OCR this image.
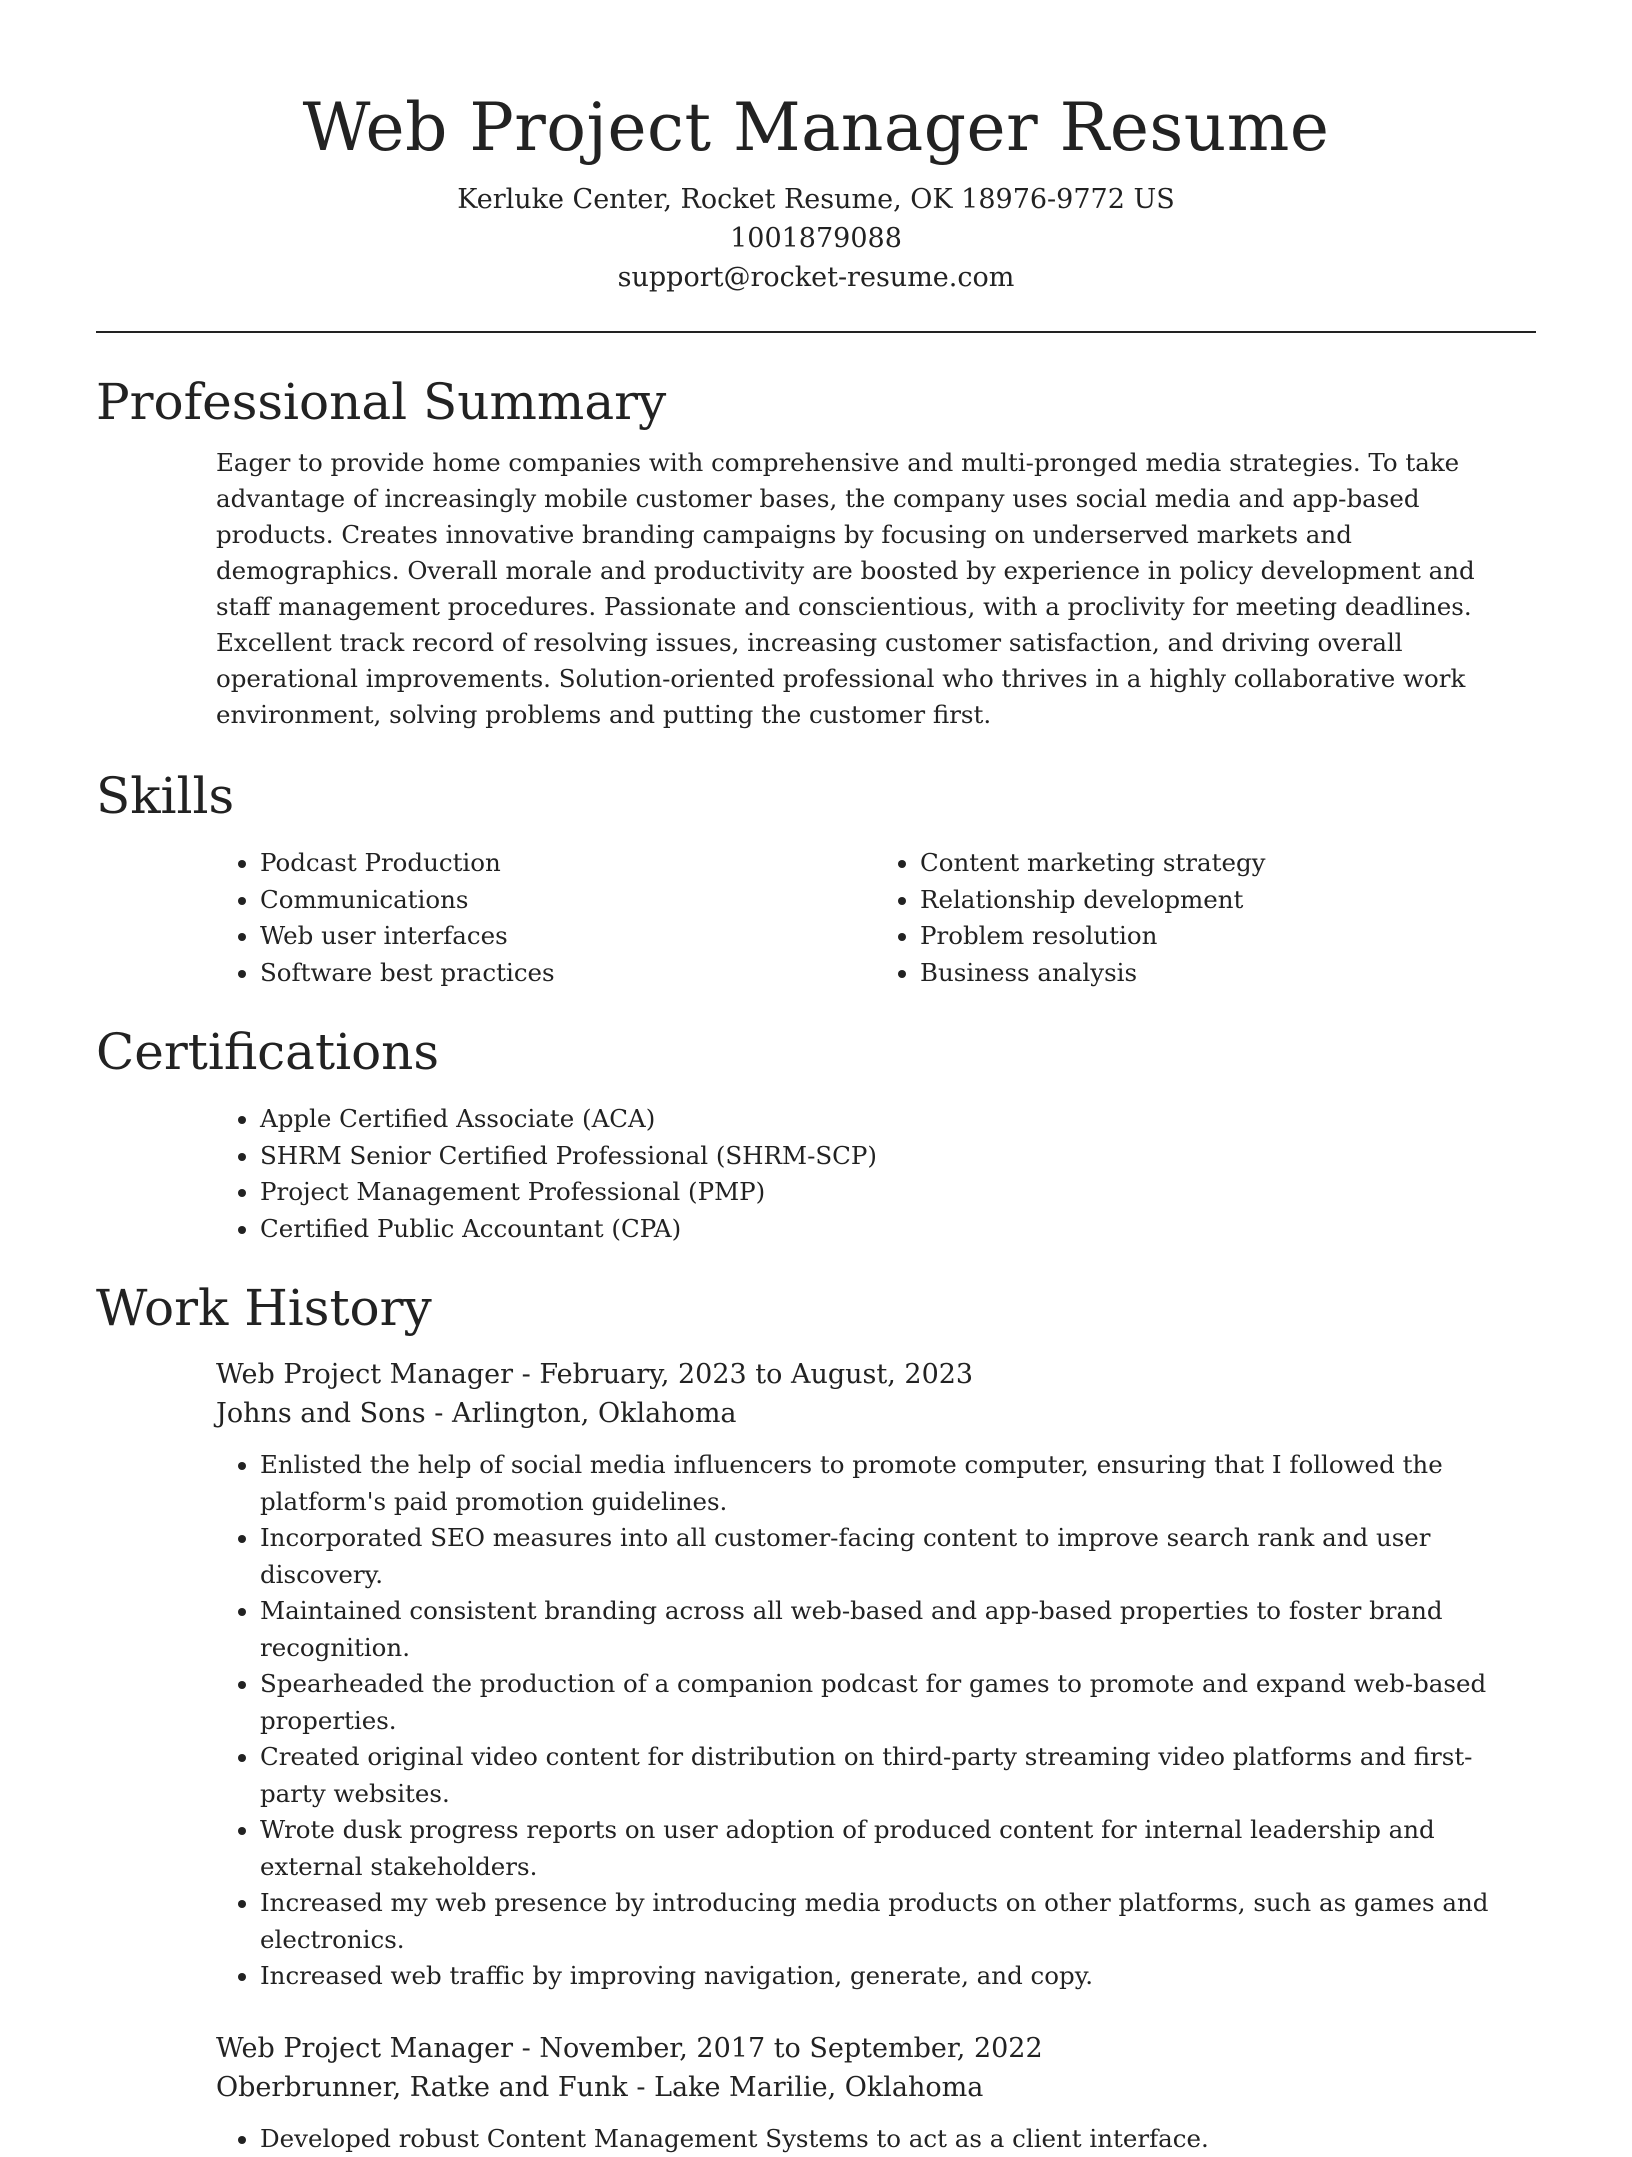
Web Project Manager Resume

Kerluke Center, Rocket Resume, OK 18976-9772 US

1001879088

support@rocket-resume.com

Professional Summary

Eager to provide home companies with comprehensive and multi-pronged media strategies. To take advantage of increasingly mobile customer bases, the company uses social media and app-based products. Creates innovative branding campaigns by focusing on underserved markets and demographics. Overall morale and productivity are boosted by experience in policy development and staff management procedures. Passionate and conscientious, with a proclivity for meeting deadlines. Excellent track record of resolving issues, increasing customer satisfaction, and driving overall operational improvements. Solution-oriented professional who thrives in a highly collaborative work environment, solving problems and putting the customer first.

Skills
• Podcast Production
• Communications
• Web user interfaces
• Software best practices
• Content marketing strategy
• Relationship development
• Problem resolution
• Business analysis
Certifications
• Apple Certified Associate (ACA)
• SHRM Senior Certified Professional (SHRM-SCP)
• Project Management Professional (PMP)
• Certified Public Accountant (CPA)
Work History

Web Project Manager - February, 2023 to August, 2023

Johns and Sons - Arlington, Oklahoma

• Enlisted the help of social media influencers to promote computer, ensuring that I followed the platform's paid promotion guidelines.
• Incorporated SEO measures into all customer-facing content to improve search rank and user discovery.
• Maintained consistent branding across all web-based and app-based properties to foster brand recognition.
• Spearheaded the production of a companion podcast for games to promote and expand web-based properties.
• Created original video content for distribution on third-party streaming video platforms and first-party websites.
• Wrote dusk progress reports on user adoption of produced content for internal leadership and external stakeholders.
• Increased my web presence by introducing media products on other platforms, such as games and electronics.
• Increased web traffic by improving navigation, generate, and copy.

Web Project Manager - November, 2017 to September, 2022

Oberbrunner, Ratke and Funk - Lake Marilie, Oklahoma

• Developed robust Content Management Systems to act as a client interface.
